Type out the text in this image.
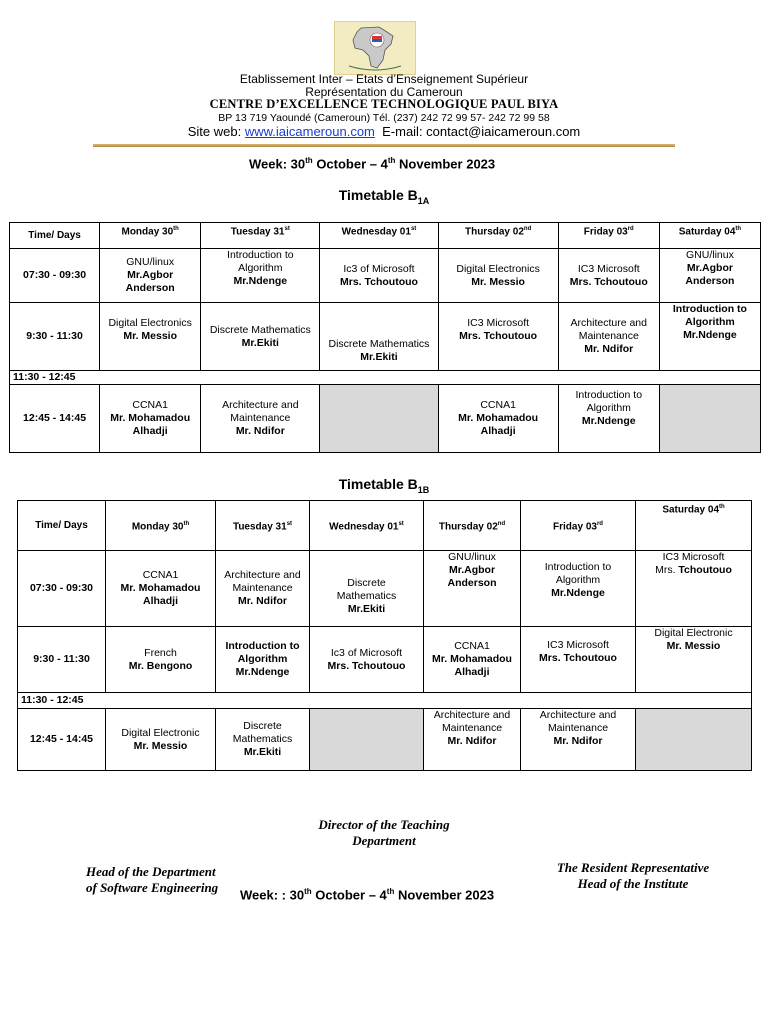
Etablissement Inter – Etats d’Enseignement Supérieur
Représentation du Cameroun
CENTRE D’EXCELLENCE TECHNOLOGIQUE PAUL BIYA
BP 13 719 Yaoundé (Cameroun) Tél. (237) 242 72 99 57- 242 72 99 58
Site web: www.iaicameroun.com E-mail: contact@iaicameroun.com
Week: 30th October – 4th November 2023
Timetable $B_{1A}$
Time/ Days	Monday 30th	Tuesday 31st	Wednesday 01st	Thursday 02nd	Friday 03rd	Saturday 04th
07:30 - 09:30	GNU/linux
Mr.Agbor
Anderson	Introduction to
Algorithm
Mr.Ndenge	Ic3 of Microsoft
Mrs. Tchoutouo	Digital Electronics
Mr. Messio	IC3 Microsoft
Mrs. Tchoutouo	GNU/linux
Mr.Agbor
Anderson

9:30 - 11:30	Digital Electronics
Mr. Messio	Discrete Mathematics
Mr.Ekiti	Discrete Mathematics
Mr.Ekiti	IC3 Microsoft
Mrs. Tchoutouo	Architecture and
Maintenance
Mr. Ndifor	Introduction to
Algorithm
Mr.Ndenge

11:30 - 12:45						
12:45 - 14:45	CCNA1
Mr. Mohamadou
Alhadji	Architecture and
Maintenance
Mr. Ndifor		CCNA1
Mr. Mohamadou
Alhadji	Introduction to
Algorithm
Mr.Ndenge	

Timetable $B_{1B}$
Time/ Days	Monday 30th	Tuesday 31st	Wednesday 01st	Thursday 02nd	Friday 03rd	Saturday 04th
07:30 - 09:30	CCNA1
Mr. Mohamadou
Alhadji	Architecture and
Maintenance
Mr. Ndifor	Discrete
Mathematics
Mr.Ekiti	GNU/linux
Mr.Agbor
Anderson	Introduction to
Algorithm
Mr.Ndenge	IC3 Microsoft
Mrs. Tchoutouo
9:30 - 11:30	French
Mr. Bengono	Introduction to
Algorithm
Mr.Ndenge	Ic3 of Microsoft
Mrs. Tchoutouo	CCNA1
Mr. Mohamadou
Alhadji	IC3 Microsoft
Mrs. Tchoutouo	Digital Electronic
Mr. Messio

11:30 - 12:45						
12:45 - 14:45	Digital Electronic
Mr. Messio	Discrete
Mathematics
Mr.Ekiti		Architecture and
Maintenance
Mr. Ndifor	Architecture and
Maintenance
Mr. Ndifor	

Director of the Teaching
Department
Head of the Department
of Software Engineering
The Resident Representative
Head of the Institute
Week: : 30th October – 4th November 2023
